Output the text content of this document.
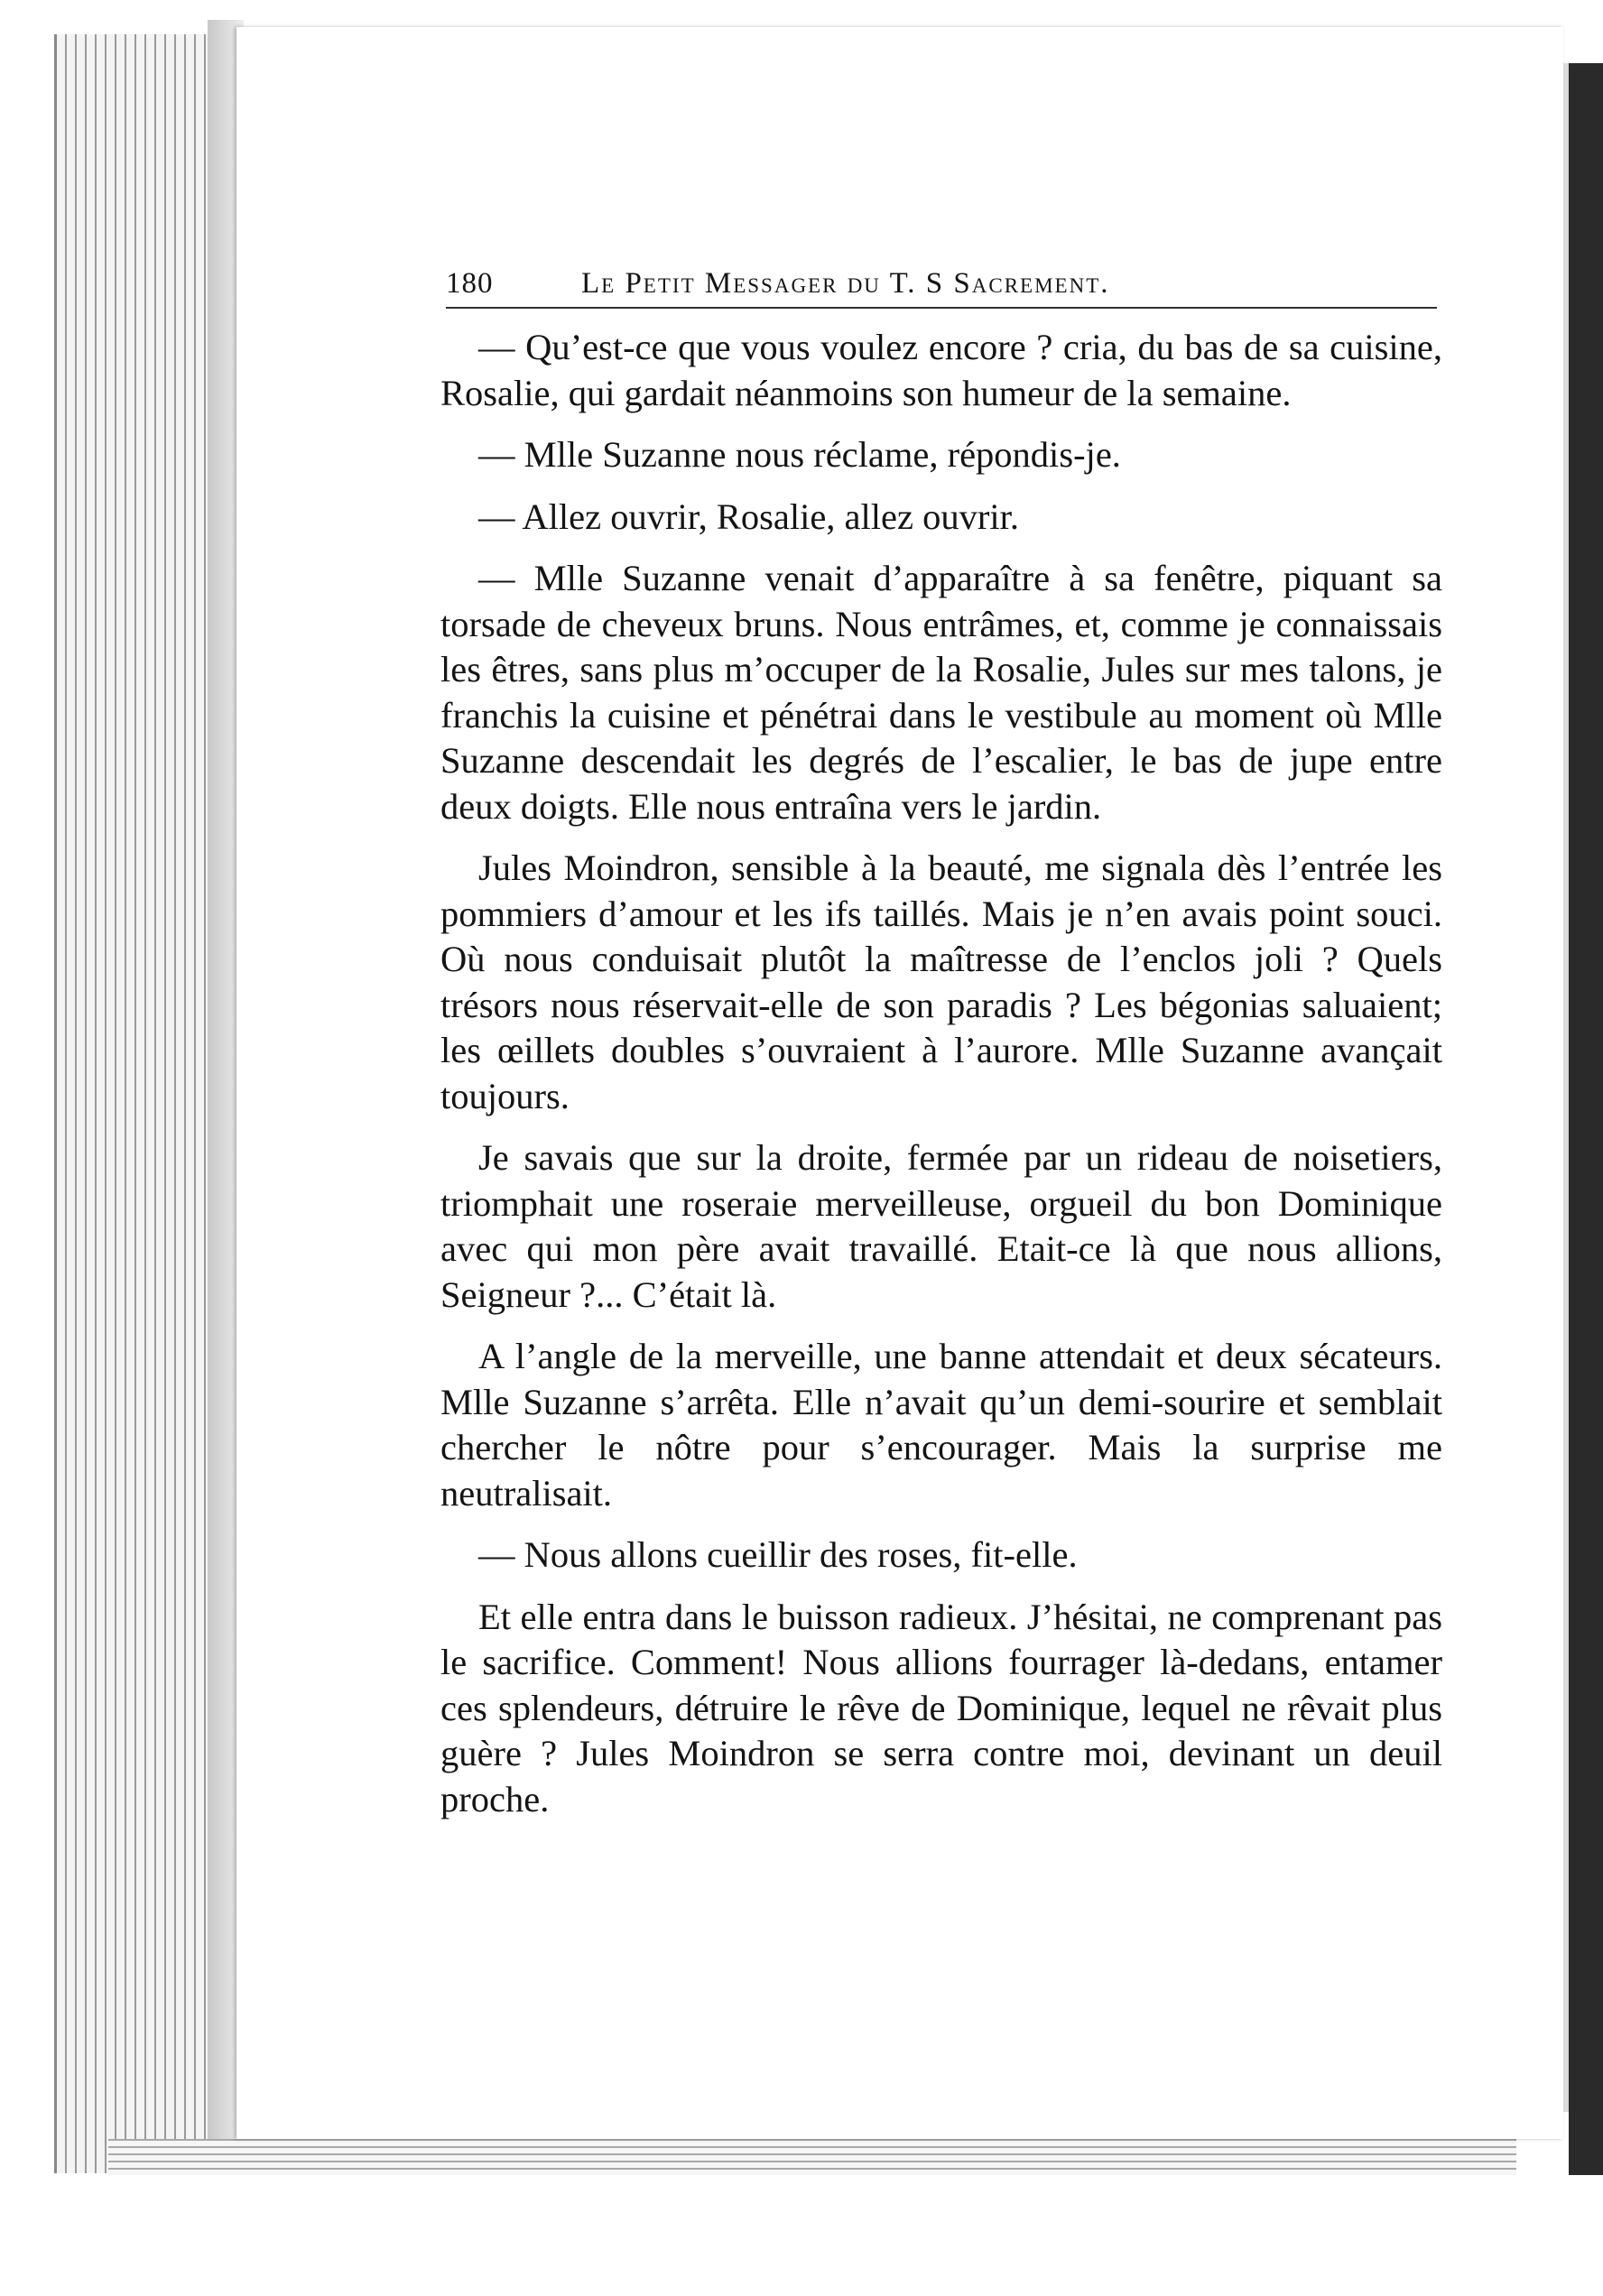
180	Le Petit Messager du T. S Sacrement.

— Qu’est-ce que vous voulez encore ? cria, du bas de sa cuisine, Rosalie, qui gardait néanmoins son humeur de la semaine.

— Mlle Suzanne nous réclame, répondis-je.

— Allez ouvrir, Rosalie, allez ouvrir.

— Mlle Suzanne venait d’apparaître à sa fenêtre, piquant sa torsade de cheveux bruns. Nous entrâmes, et, comme je connaissais les êtres, sans plus m’occuper de la Rosalie, Jules sur mes talons, je franchis la cuisine et pénétrai dans le vestibule au moment où Mlle Suzanne descendait les degrés de l’escalier, le bas de jupe entre deux doigts. Elle nous entraîna vers le jardin.

Jules Moindron, sensible à la beauté, me signala dès l’entrée les pommiers d’amour et les ifs taillés. Mais je n’en avais point souci. Où nous conduisait plutôt la maîtresse de l’enclos joli ? Quels trésors nous réservait-elle de son paradis ? Les bégonias saluaient; les œillets doubles s’ouvraient à l’aurore. Mlle Suzanne avançait toujours.

Je savais que sur la droite, fermée par un rideau de noisetiers, triomphait une roseraie merveilleuse, orgueil du bon Dominique avec qui mon père avait travaillé. Etait-ce là que nous allions, Seigneur ?... C’était là.

A l’angle de la merveille, une banne attendait et deux sécateurs. Mlle Suzanne s’arrêta. Elle n’avait qu’un demi-sourire et semblait chercher le nôtre pour s’encourager. Mais la surprise me neutralisait.

— Nous allons cueillir des roses, fit-elle.

Et elle entra dans le buisson radieux. J’hésitai, ne comprenant pas le sacrifice. Comment! Nous allions fourrager là-dedans, entamer ces splendeurs, détruire le rêve de Dominique, lequel ne rêvait plus guère ? Jules Moindron se serra contre moi, devinant un deuil proche.
